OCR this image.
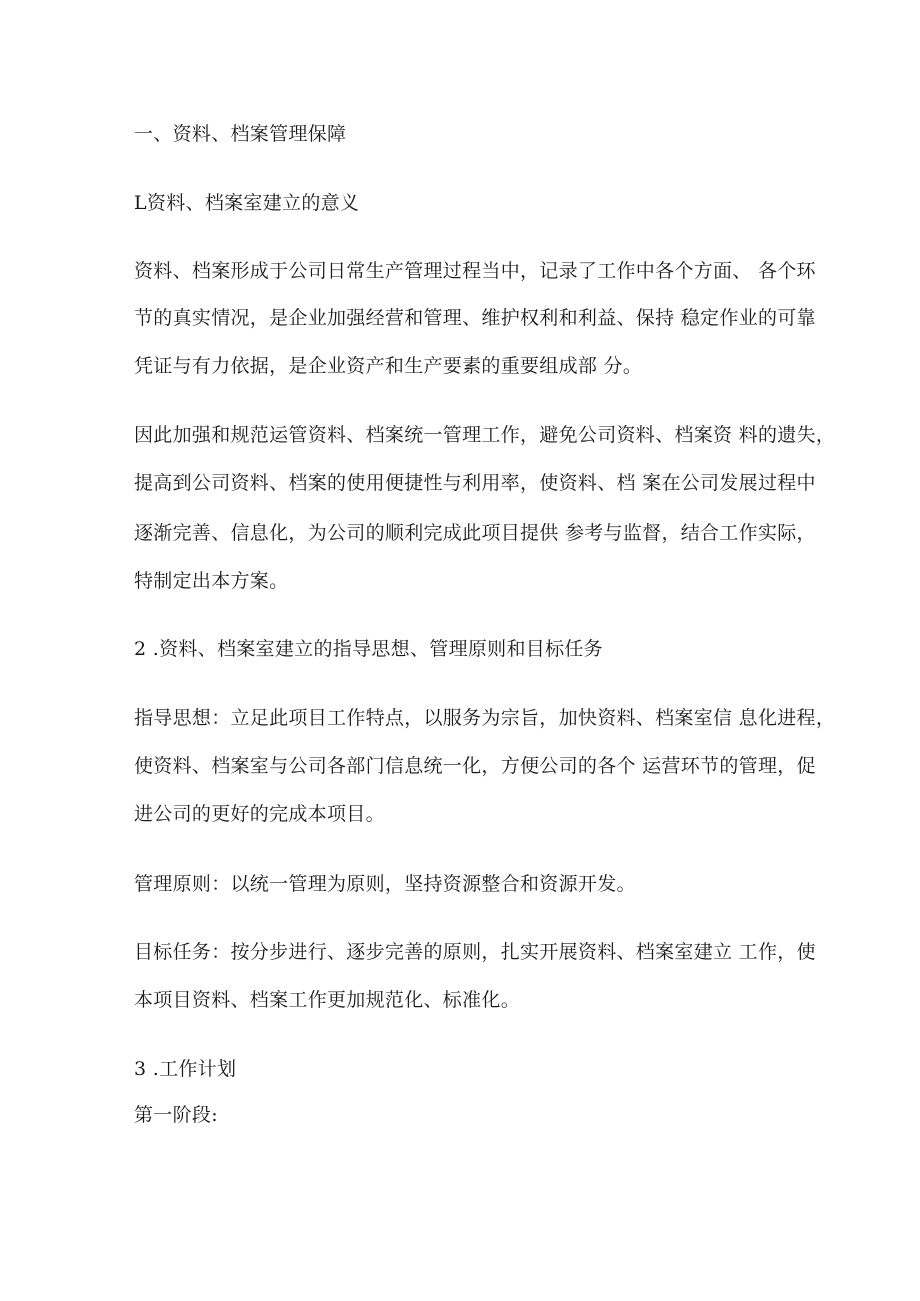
一、资料、档案管理保障

L资料、档案室建立的意义

资料、档案形成于公司日常生产管理过程当中，记录了工作中各个方面、 各个环

节的真实情况，是企业加强经营和管理、维护权利和利益、保持 稳定作业的可靠

凭证与有力依据，是企业资产和生产要素的重要组成部 分。

因此加强和规范运管资料、档案统一管理工作，避免公司资料、档案资 料的遗失，

提高到公司资料、档案的使用便捷性与利用率，使资料、档 案在公司发展过程中

逐渐完善、信息化，为公司的顺利完成此项目提供 参考与监督，结合工作实际，

特制定出本方案。

2 .资料、档案室建立的指导思想、管理原则和目标任务

指导思想：立足此项目工作特点，以服务为宗旨，加快资料、档案室信 息化进程，

使资料、档案室与公司各部门信息统一化，方便公司的各个 运营环节的管理，促

进公司的更好的完成本项目。

管理原则：以统一管理为原则，坚持资源整合和资源开发。

目标任务：按分步进行、逐步完善的原则，扎实开展资料、档案室建立 工作，使

本项目资料、档案工作更加规范化、标准化。

3 .工作计划

第一阶段:
